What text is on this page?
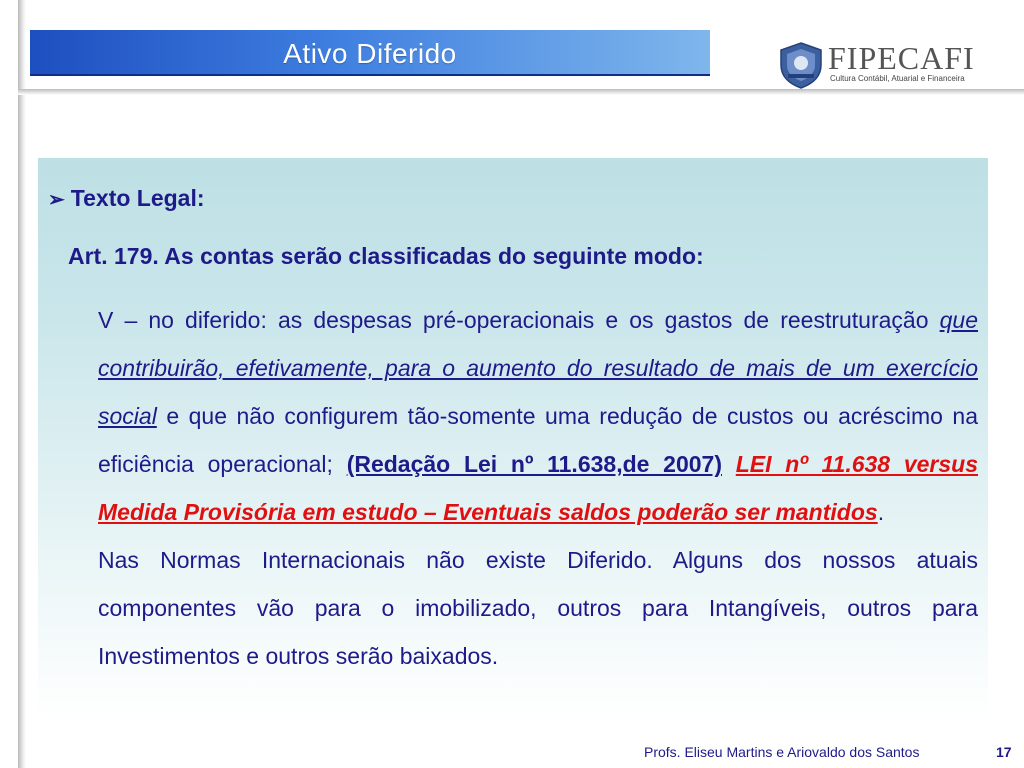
Ativo Diferido	FIPECAFI
Cultura Contábil, Atuarial e Financeira
➢ Texto Legal:
Art. 179. As contas serão classificadas do seguinte modo:

V – no diferido: as despesas pré-operacionais e os gastos de reestruturação que contribuirão, efetivamente, para o aumento do resultado de mais de um exercício social e que não configurem tão-somente uma redução de custos ou acréscimo na eficiência operacional; (Redação Lei nº 11.638,de 2007) LEI nº 11.638 versus Medida Provisória em estudo – Eventuais saldos poderão ser mantidos.
Nas Normas Internacionais não existe Diferido. Alguns dos nossos atuais componentes vão para o imobilizado, outros para Intangíveis, outros para Investimentos e outros serão baixados.

Profs. Eliseu Martins e Ariovaldo dos Santos	17
